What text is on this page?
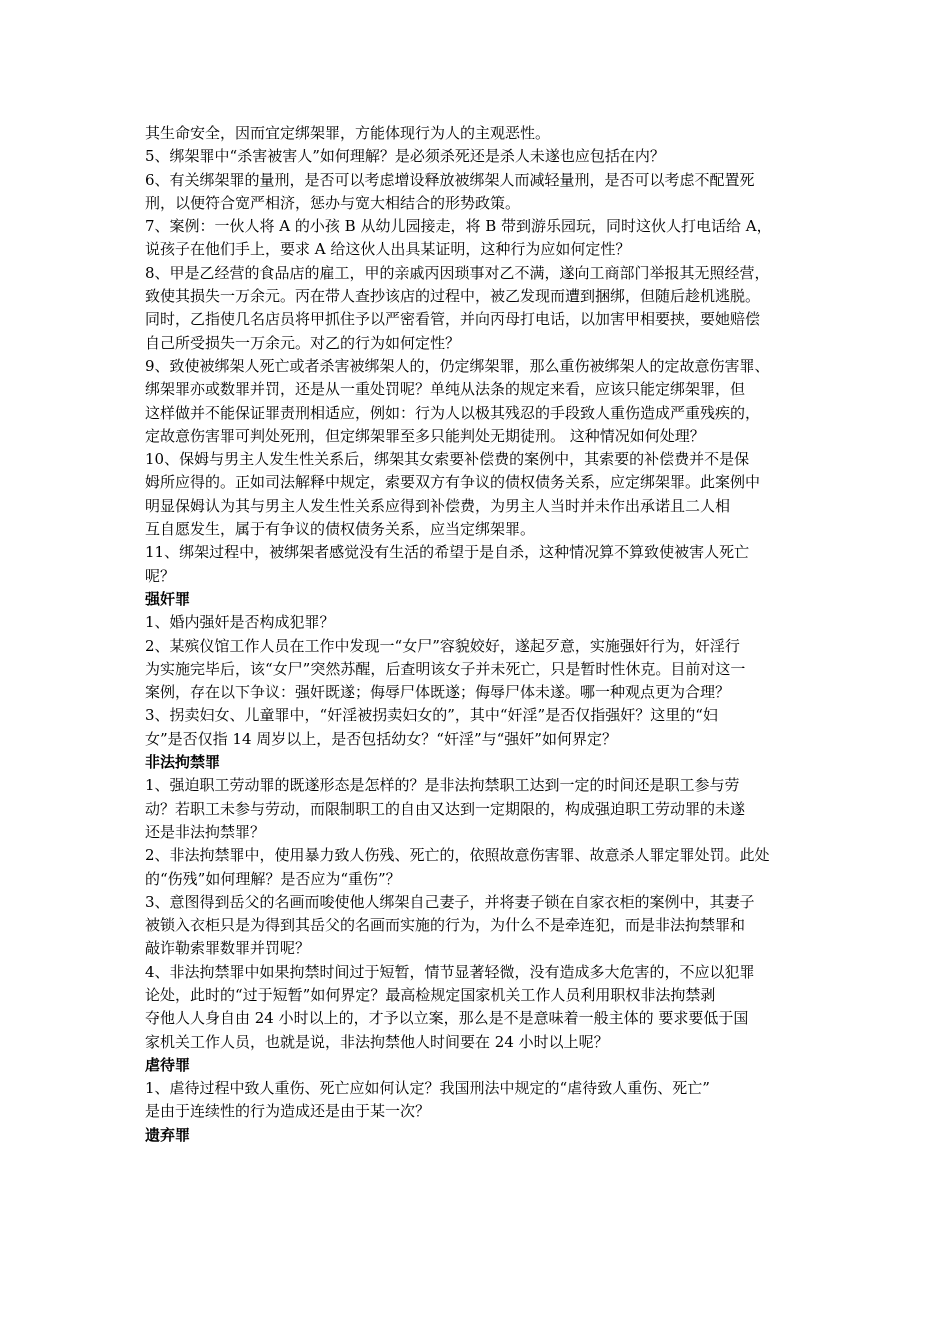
其生命安全，因而宜定绑架罪，方能体现行为人的主观恶性。
5、绑架罪中“杀害被害人”如何理解？是必须杀死还是杀人未遂也应包括在内？
6、有关绑架罪的量刑，是否可以考虑增设释放被绑架人而减轻量刑，是否可以考虑不配置死
刑，以便符合宽严相济，惩办与宽大相结合的形势政策。
7、案例：一伙人将 A 的小孩 B 从幼儿园接走，将 B 带到游乐园玩，同时这伙人打电话给 A，
说孩子在他们手上，要求 A 给这伙人出具某证明，这种行为应如何定性？
8、甲是乙经营的食品店的雇工，甲的亲戚丙因琐事对乙不满，遂向工商部门举报其无照经营，
致使其损失一万余元。丙在带人查抄该店的过程中，被乙发现而遭到捆绑，但随后趁机逃脱。
同时，乙指使几名店员将甲抓住予以严密看管，并向丙母打电话，以加害甲相要挟，要她赔偿
自己所受损失一万余元。对乙的行为如何定性？
9、致使被绑架人死亡或者杀害被绑架人的，仍定绑架罪，那么重伤被绑架人的定故意伤害罪、
绑架罪亦或数罪并罚，还是从一重处罚呢？单纯从法条的规定来看，应该只能定绑架罪，但
这样做并不能保证罪责刑相适应，例如：行为人以极其残忍的手段致人重伤造成严重残疾的，
定故意伤害罪可判处死刑，但定绑架罪至多只能判处无期徒刑。 这种情况如何处理？
10、保姆与男主人发生性关系后，绑架其女索要补偿费的案例中，其索要的补偿费并不是保
姆所应得的。正如司法解释中规定，索要双方有争议的债权债务关系，应定绑架罪。此案例中
明显保姆认为其与男主人发生性关系应得到补偿费，为男主人当时并未作出承诺且二人相
互自愿发生，属于有争议的债权债务关系，应当定绑架罪。
11、绑架过程中，被绑架者感觉没有生活的希望于是自杀，这种情况算不算致使被害人死亡
呢？
强奸罪
1、婚内强奸是否构成犯罪？
2、某殡仪馆工作人员在工作中发现一“女尸”容貌姣好，遂起歹意，实施强奸行为，奸淫行
为实施完毕后，该“女尸”突然苏醒，后查明该女子并未死亡，只是暂时性休克。目前对这一
案例，存在以下争议：强奸既遂；侮辱尸体既遂；侮辱尸体未遂。哪一种观点更为合理？
3、拐卖妇女、儿童罪中，“奸淫被拐卖妇女的”，其中“奸淫”是否仅指强奸？这里的“妇
女”是否仅指 14 周岁以上，是否包括幼女？“奸淫”与“强奸”如何界定？
非法拘禁罪
1、强迫职工劳动罪的既遂形态是怎样的？是非法拘禁职工达到一定的时间还是职工参与劳
动？若职工未参与劳动，而限制职工的自由又达到一定期限的，构成强迫职工劳动罪的未遂
还是非法拘禁罪？
2、非法拘禁罪中，使用暴力致人伤残、死亡的，依照故意伤害罪、故意杀人罪定罪处罚。此处
的“伤残”如何理解？是否应为“重伤”？
3、意图得到岳父的名画而唆使他人绑架自己妻子，并将妻子锁在自家衣柜的案例中，其妻子
被锁入衣柜只是为得到其岳父的名画而实施的行为，为什么不是牵连犯，而是非法拘禁罪和
敲诈勒索罪数罪并罚呢？
4、非法拘禁罪中如果拘禁时间过于短暂，情节显著轻微，没有造成多大危害的，不应以犯罪
论处，此时的“过于短暂”如何界定？最高检规定国家机关工作人员利用职权非法拘禁剥
夺他人人身自由 24 小时以上的，才予以立案，那么是不是意味着一般主体的 要求要低于国
家机关工作人员，也就是说，非法拘禁他人时间要在 24 小时以上呢？
虐待罪
1、虐待过程中致人重伤、死亡应如何认定？我国刑法中规定的“虐待致人重伤、死亡”
是由于连续性的行为造成还是由于某一次？
遗弃罪
